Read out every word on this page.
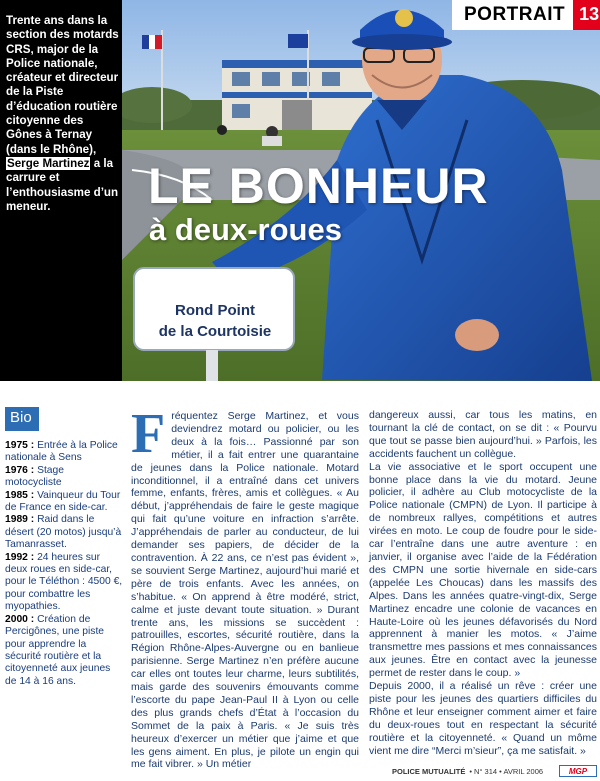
Trente ans dans la section des motards CRS, major de la Police nationale, créateur et directeur de la Piste d’éducation routière citoyenne des Gônes à Ternay (dans le Rhône), Serge Martinez a la carrure et l’enthousiasme d’un meneur.
PORTRAIT 13
LE BONHEUR
à deux-roues
Rond Point
de la Courtoisie
Bio
1975 : Entrée à la Police nationale à Sens
1976 : Stage motocycliste
1985 : Vainqueur du Tour de France en side-car.
1989 : Raid dans le désert (20 motos) jusqu’à Tamanrasset.
1992 : 24 heures sur deux roues en side-car, pour le Téléthon : 4500 €, pour combattre les myopathies.
2000 : Création de Percigônes, une piste pour apprendre la sécurité routière et la citoyenneté aux jeunes de 14 à 16 ans.

Fréquentez Serge Martinez, et vous deviendrez motard ou policier, ou les deux à la fois… Passionné par son métier, il a fait entrer une quarantaine de jeunes dans la Police nationale. Motard inconditionnel, il a entraîné dans cet univers femme, enfants, frères, amis et collègues. « Au début, j’appréhendais de faire le geste magique qui fait qu’une voiture en infraction s’arrête. J’appréhendais de parler au conducteur, de lui demander ses papiers, de décider de la contravention. À 22 ans, ce n’est pas évident », se souvient Serge Martinez, aujourd’hui marié et père de trois enfants. Avec les années, on s’habitue. « On apprend à être modéré, strict, calme et juste devant toute situation. » Durant trente ans, les missions se succèdent : patrouilles, escortes, sécurité routière, dans la Région Rhône-Alpes-Auvergne ou en banlieue parisienne. Serge Martinez n’en préfère aucune car elles ont toutes leur charme, leurs subtilités, mais garde des souvenirs émouvants comme l’escorte du pape Jean-Paul II à Lyon ou celle des plus grands chefs d’État à l’occasion du Sommet de la paix à Paris. « Je suis très heureux d’exercer un métier que j’aime et que les gens aiment. En plus, je pilote un engin qui me fait vibrer. » Un métier

dangereux aussi, car tous les matins, en tournant la clé de contact, on se dit : « Pourvu que tout se passe bien aujourd’hui. » Parfois, les accidents fauchent un collègue.

La vie associative et le sport occupent une bonne place dans la vie du motard. Jeune policier, il adhère au Club motocycliste de la Police nationale (CMPN) de Lyon. Il participe à de nombreux rallyes, compétitions et autres virées en moto. Le coup de foudre pour le side-car l’entraîne dans une autre aventure : en janvier, il organise avec l’aide de la Fédération des CMPN une sortie hivernale en side-cars (appelée Les Choucas) dans les massifs des Alpes. Dans les années quatre-vingt-dix, Serge Martinez encadre une colonie de vacances en Haute-Loire où les jeunes défavorisés du Nord apprennent à manier les motos. « J’aime transmettre mes passions et mes connaissances aux jeunes. Être en contact avec la jeunesse permet de rester dans le coup. »

Depuis 2000, il a réalisé un rêve : créer une piste pour les jeunes des quartiers difficiles du Rhône et leur enseigner comment aimer et faire du deux-roues tout en respectant la sécurité routière et la citoyenneté. « Quand un môme vient me dire “Merci m’sieur”, ça me satisfait. »

POLICE MUTUALITÉ • N° 314 • AVRIL 2006	MGP
